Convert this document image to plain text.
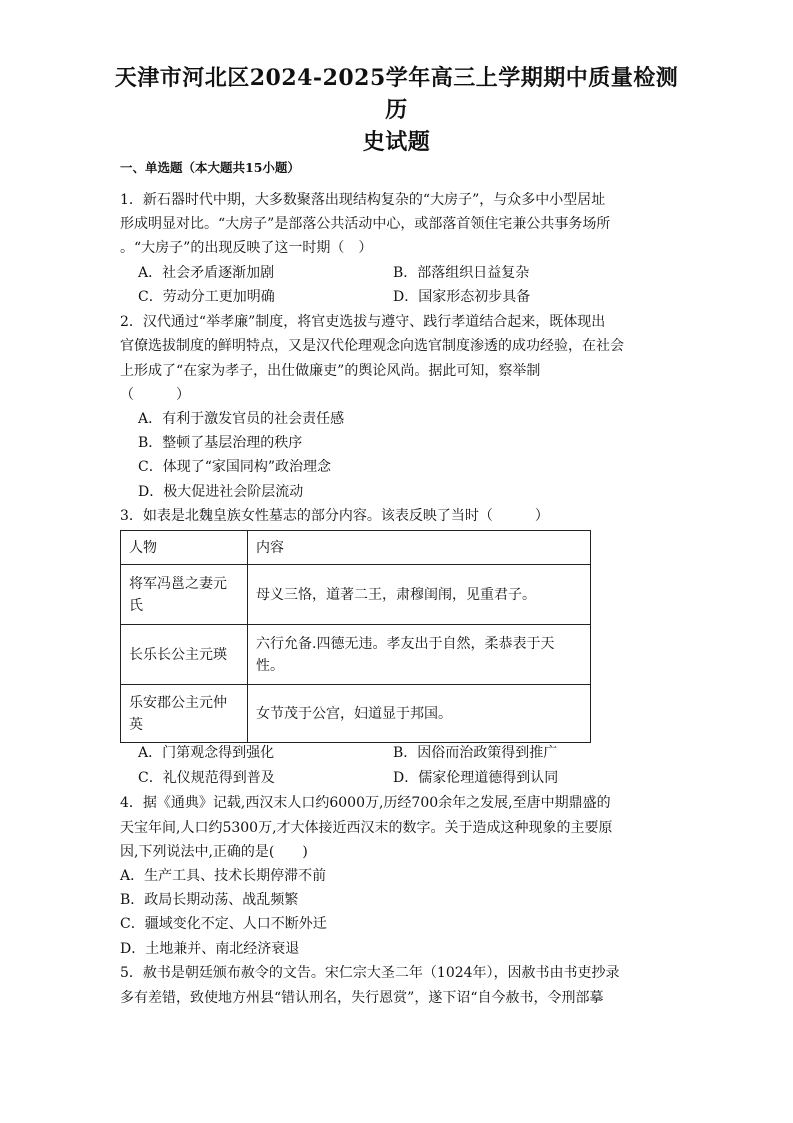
天津市河北区2024-2025学年高三上学期期中质量检测历
史试题
一、单选题（本大题共15小题）
1．新石器时代中期，大多数聚落出现结构复杂的“大房子”，与众多中小型居址
形成明显对比。“大房子”是部落公共活动中心，或部落首领住宅兼公共事务场所
。“大房子”的出现反映了这一时期（　）
A．社会矛盾逐渐加剧	B．部落组织日益复杂
C．劳动分工更加明确	D．国家形态初步具备
2．汉代通过“举孝廉”制度，将官吏选拔与遵守、践行孝道结合起来，既体现出
官僚选拔制度的鲜明特点，又是汉代伦理观念向选官制度渗透的成功经验，在社会
上形成了“在家为孝子，出仕做廉吏”的舆论风尚。据此可知，察举制
（　　　）
A．有利于激发官员的社会责任感
B．整顿了基层治理的秩序
C．体现了“家国同构”政治理念
D．极大促进社会阶层流动
3．如表是北魏皇族女性墓志的部分内容。该表反映了当时（　　　）
人物	内容
将军冯邕之妻元氏	母义三恪，道著二王，肃穆闺闱，见重君子。
长乐长公主元瑛	六行允备.四德无违。孝友出于自然，柔恭表于天性。
乐安郡公主元仲英	女节茂于公宫，妇道显于邦国。
A．门第观念得到强化	B．因俗而治政策得到推广
C．礼仪规范得到普及	D．儒家伦理道德得到认同
4．据《通典》记载,西汉末人口约6000万,历经700余年之发展,至唐中期鼎盛的
天宝年间,人口约5300万,才大体接近西汉末的数字。关于造成这种现象的主要原
因,下列说法中,正确的是(　　)
A．生产工具、技术长期停滞不前
B．政局长期动荡、战乱频繁
C．疆域变化不定、人口不断外迁
D．土地兼并、南北经济衰退
5．赦书是朝廷颁布赦令的文告。宋仁宗大圣二年（1024年），因赦书由书吏抄录
多有差错，致使地方州县“错认刑名，失行恩赏”，遂下诏“自今赦书，令刑部摹
